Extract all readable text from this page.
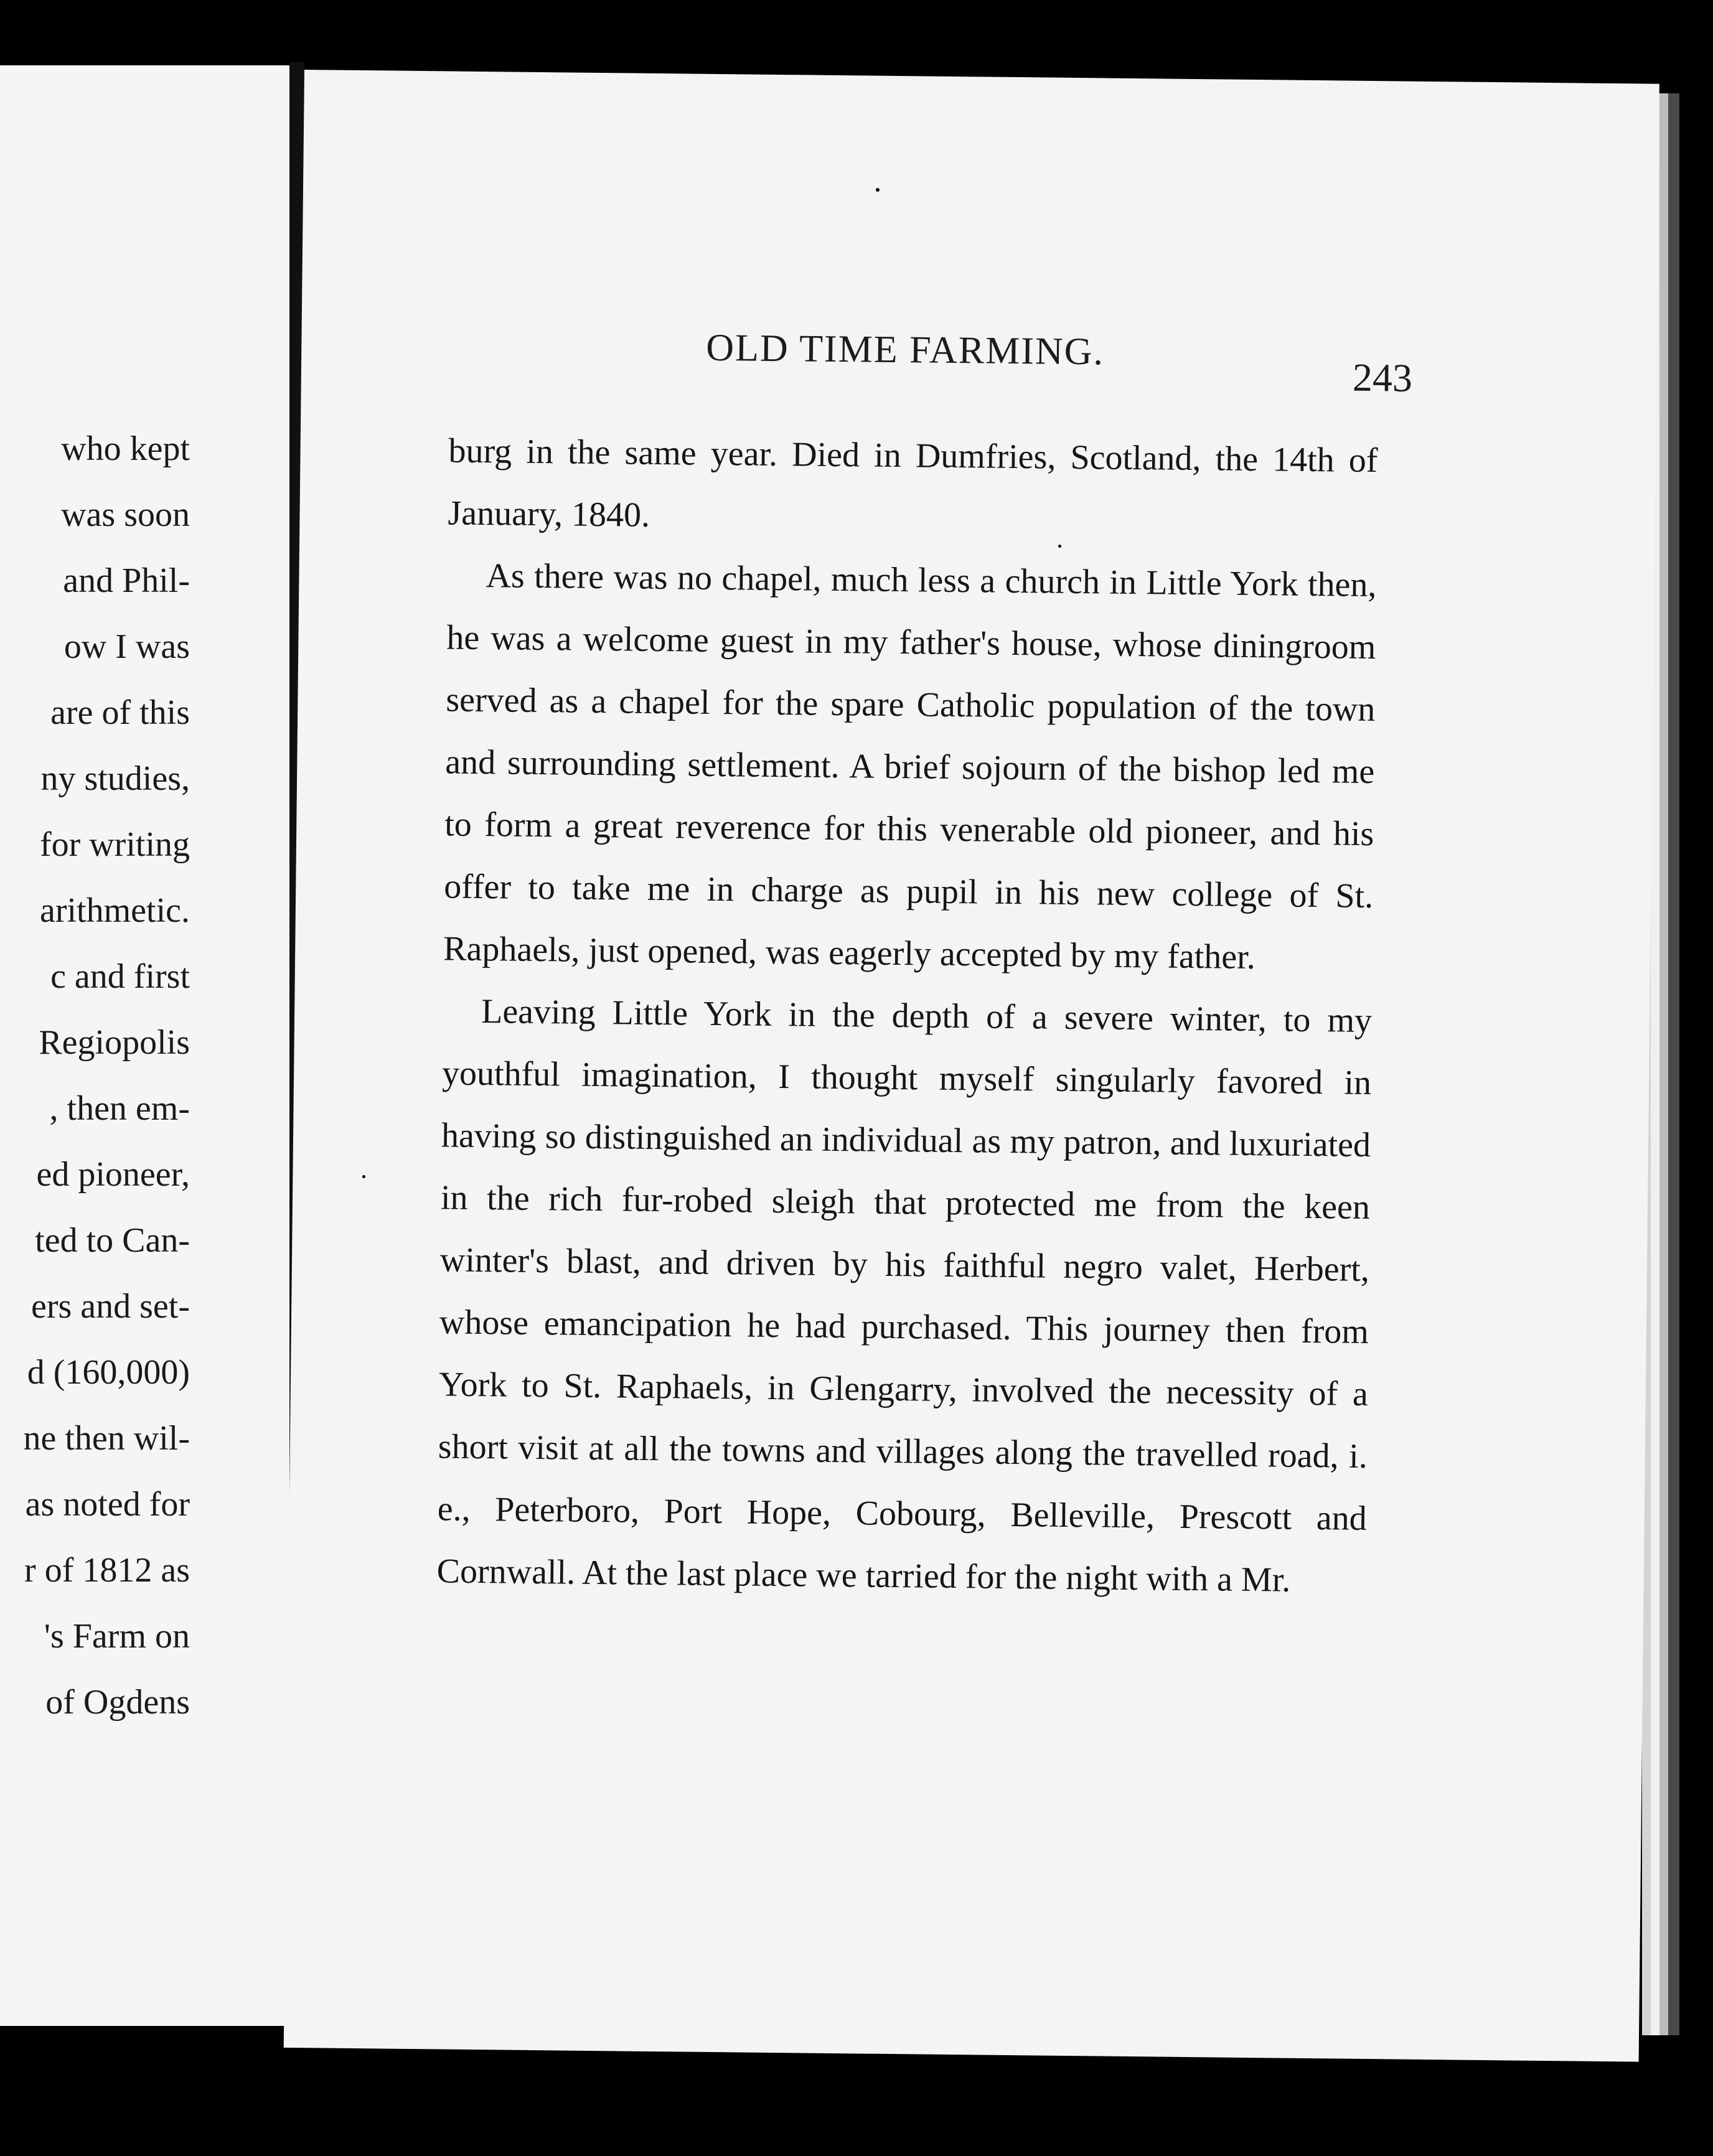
who kept
was soon
and Phil-
ow I was
are of this
ny studies,
for writing
arithmetic.
c and first
Regiopolis
, then em-
ed pioneer,
ted to Can-
ers and set-
d (160,000)
ne then wil-
as noted for
r of 1812 as
's Farm on
of Ogdens
OLD TIME FARMING.
243

burg in the same year. Died in Dumfries, Scotland, the 14th of January, 1840.

As there was no chapel, much less a church in Little York then, he was a welcome guest in my father's house, whose diningroom served as a chapel for the spare Catholic population of the town and surrounding settlement. A brief sojourn of the bishop led me to form a great reverence for this venerable old pioneer, and his offer to take me in charge as pupil in his new college of St. Raphaels, just opened, was eagerly accepted by my father.

Leaving Little York in the depth of a severe winter, to my youthful imagination, I thought myself singularly favored in having so distinguished an individual as my patron, and luxuriated in the rich fur-robed sleigh that protected me from the keen winter's blast, and driven by his faithful negro valet, Herbert, whose emancipation he had purchased. This journey then from York to St. Raphaels, in Glengarry, involved the necessity of a short visit at all the towns and villages along the travelled road, i. e., Peterboro, Port Hope, Cobourg, Belleville, Prescott and Cornwall. At the last place we tarried for the night with a Mr.
